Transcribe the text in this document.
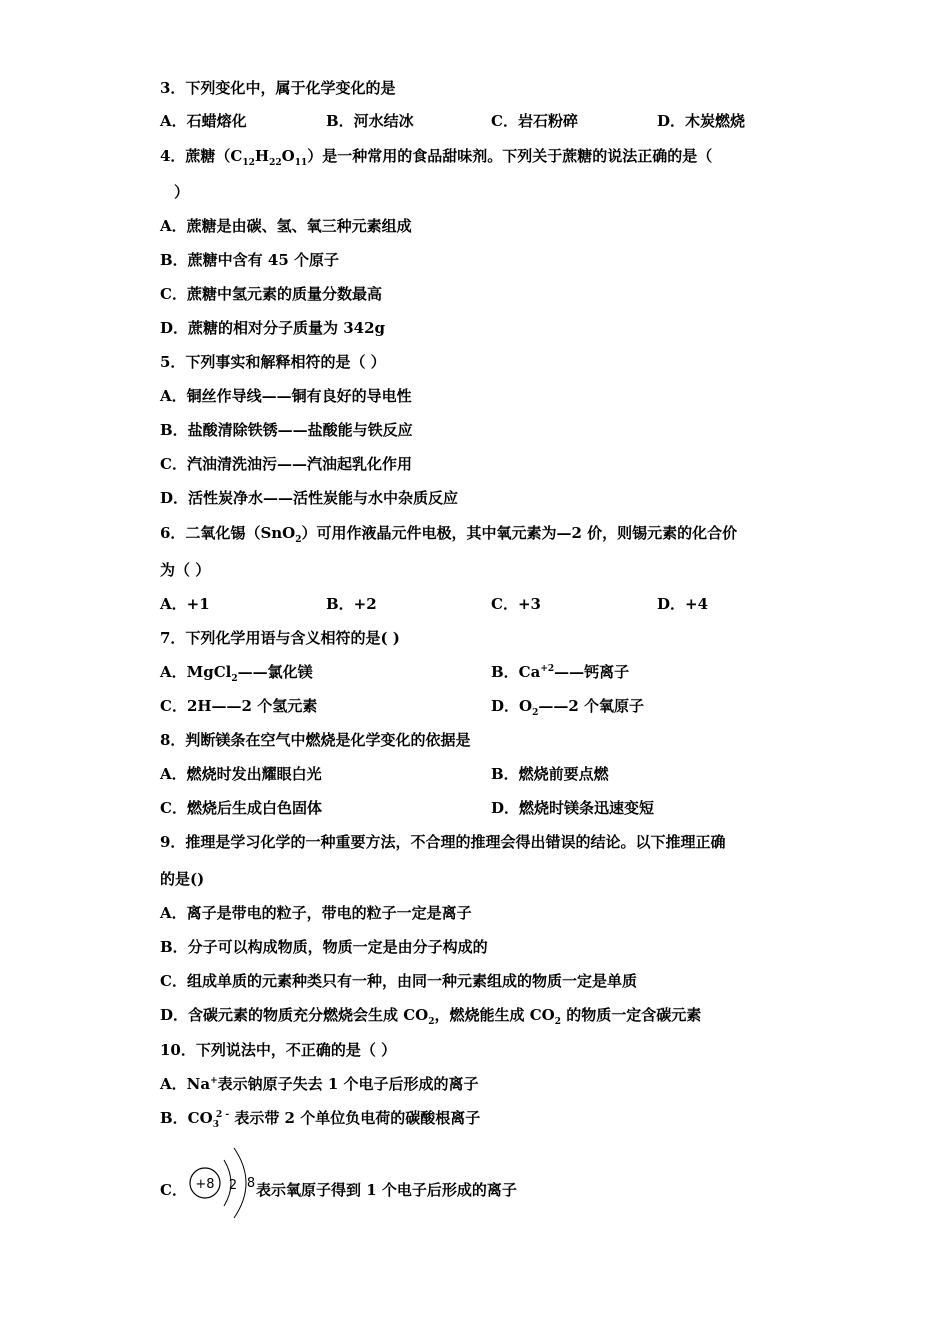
3．下列变化中，属于化学变化的是
A．石蜡熔化	B．河水结冰	C．岩石粉碎	D．木炭燃烧
4．蔗糖$(C_{12}H_{22}O_{11})$是一种常用的食品甜味剂。下列关于蔗糖的说法正确的是（
）
A．蔗糖是由碳、氢、氧三种元素组成
B．蔗糖中含有 45 个原子
C．蔗糖中氢元素的质量分数最高
D．蔗糖的相对分子质量为 342g
5．下列事实和解释相符的是（ ）
A．铜丝作导线——铜有良好的导电性
B．盐酸清除铁锈——盐酸能与铁反应
C．汽油清洗油污——汽油起乳化作用
D．活性炭净水——活性炭能与水中杂质反应
6．二氧化锡（SnO$_2$）可用作液晶元件电极，其中氧元素为—2 价，则锡元素的化合价
为（ ）
A．+1	B．+2	C．+3	D．+4
7．下列化学用语与含义相符的是( )
A．MgCl$_2$——氯化镁	B．$Ca^{+2}——$钙离子
C．2H——2 个氢元素	D．$O_2——2$ 个氧原子
8．判断镁条在空气中燃烧是化学变化的依据是
A．燃烧时发出耀眼白光	B．燃烧前要点燃
C．燃烧后生成白色固体	D．燃烧时镁条迅速变短
9．推理是学习化学的一种重要方法，不合理的推理会得出错误的结论。以下推理正确
的是()
A．离子是带电的粒子，带电的粒子一定是离子
B．分子可以构成物质，物质一定是由分子构成的
C．组成单质的元素种类只有一种，由同一种元素组成的物质一定是单质
D．含碳元素的物质充分燃烧会生成 $CO_2$，燃烧能生成 $CO_2$ 的物质一定含碳元素
10．下列说法中，不正确的是（ ）
A．Na+表示钠原子失去 1 个电子后形成的离子
B．$CO_3^{2 -}$ 表示带 2 个单位负电荷的碳酸根离子
C． +8 2 8 表示氧原子得到 1 个电子后形成的离子
